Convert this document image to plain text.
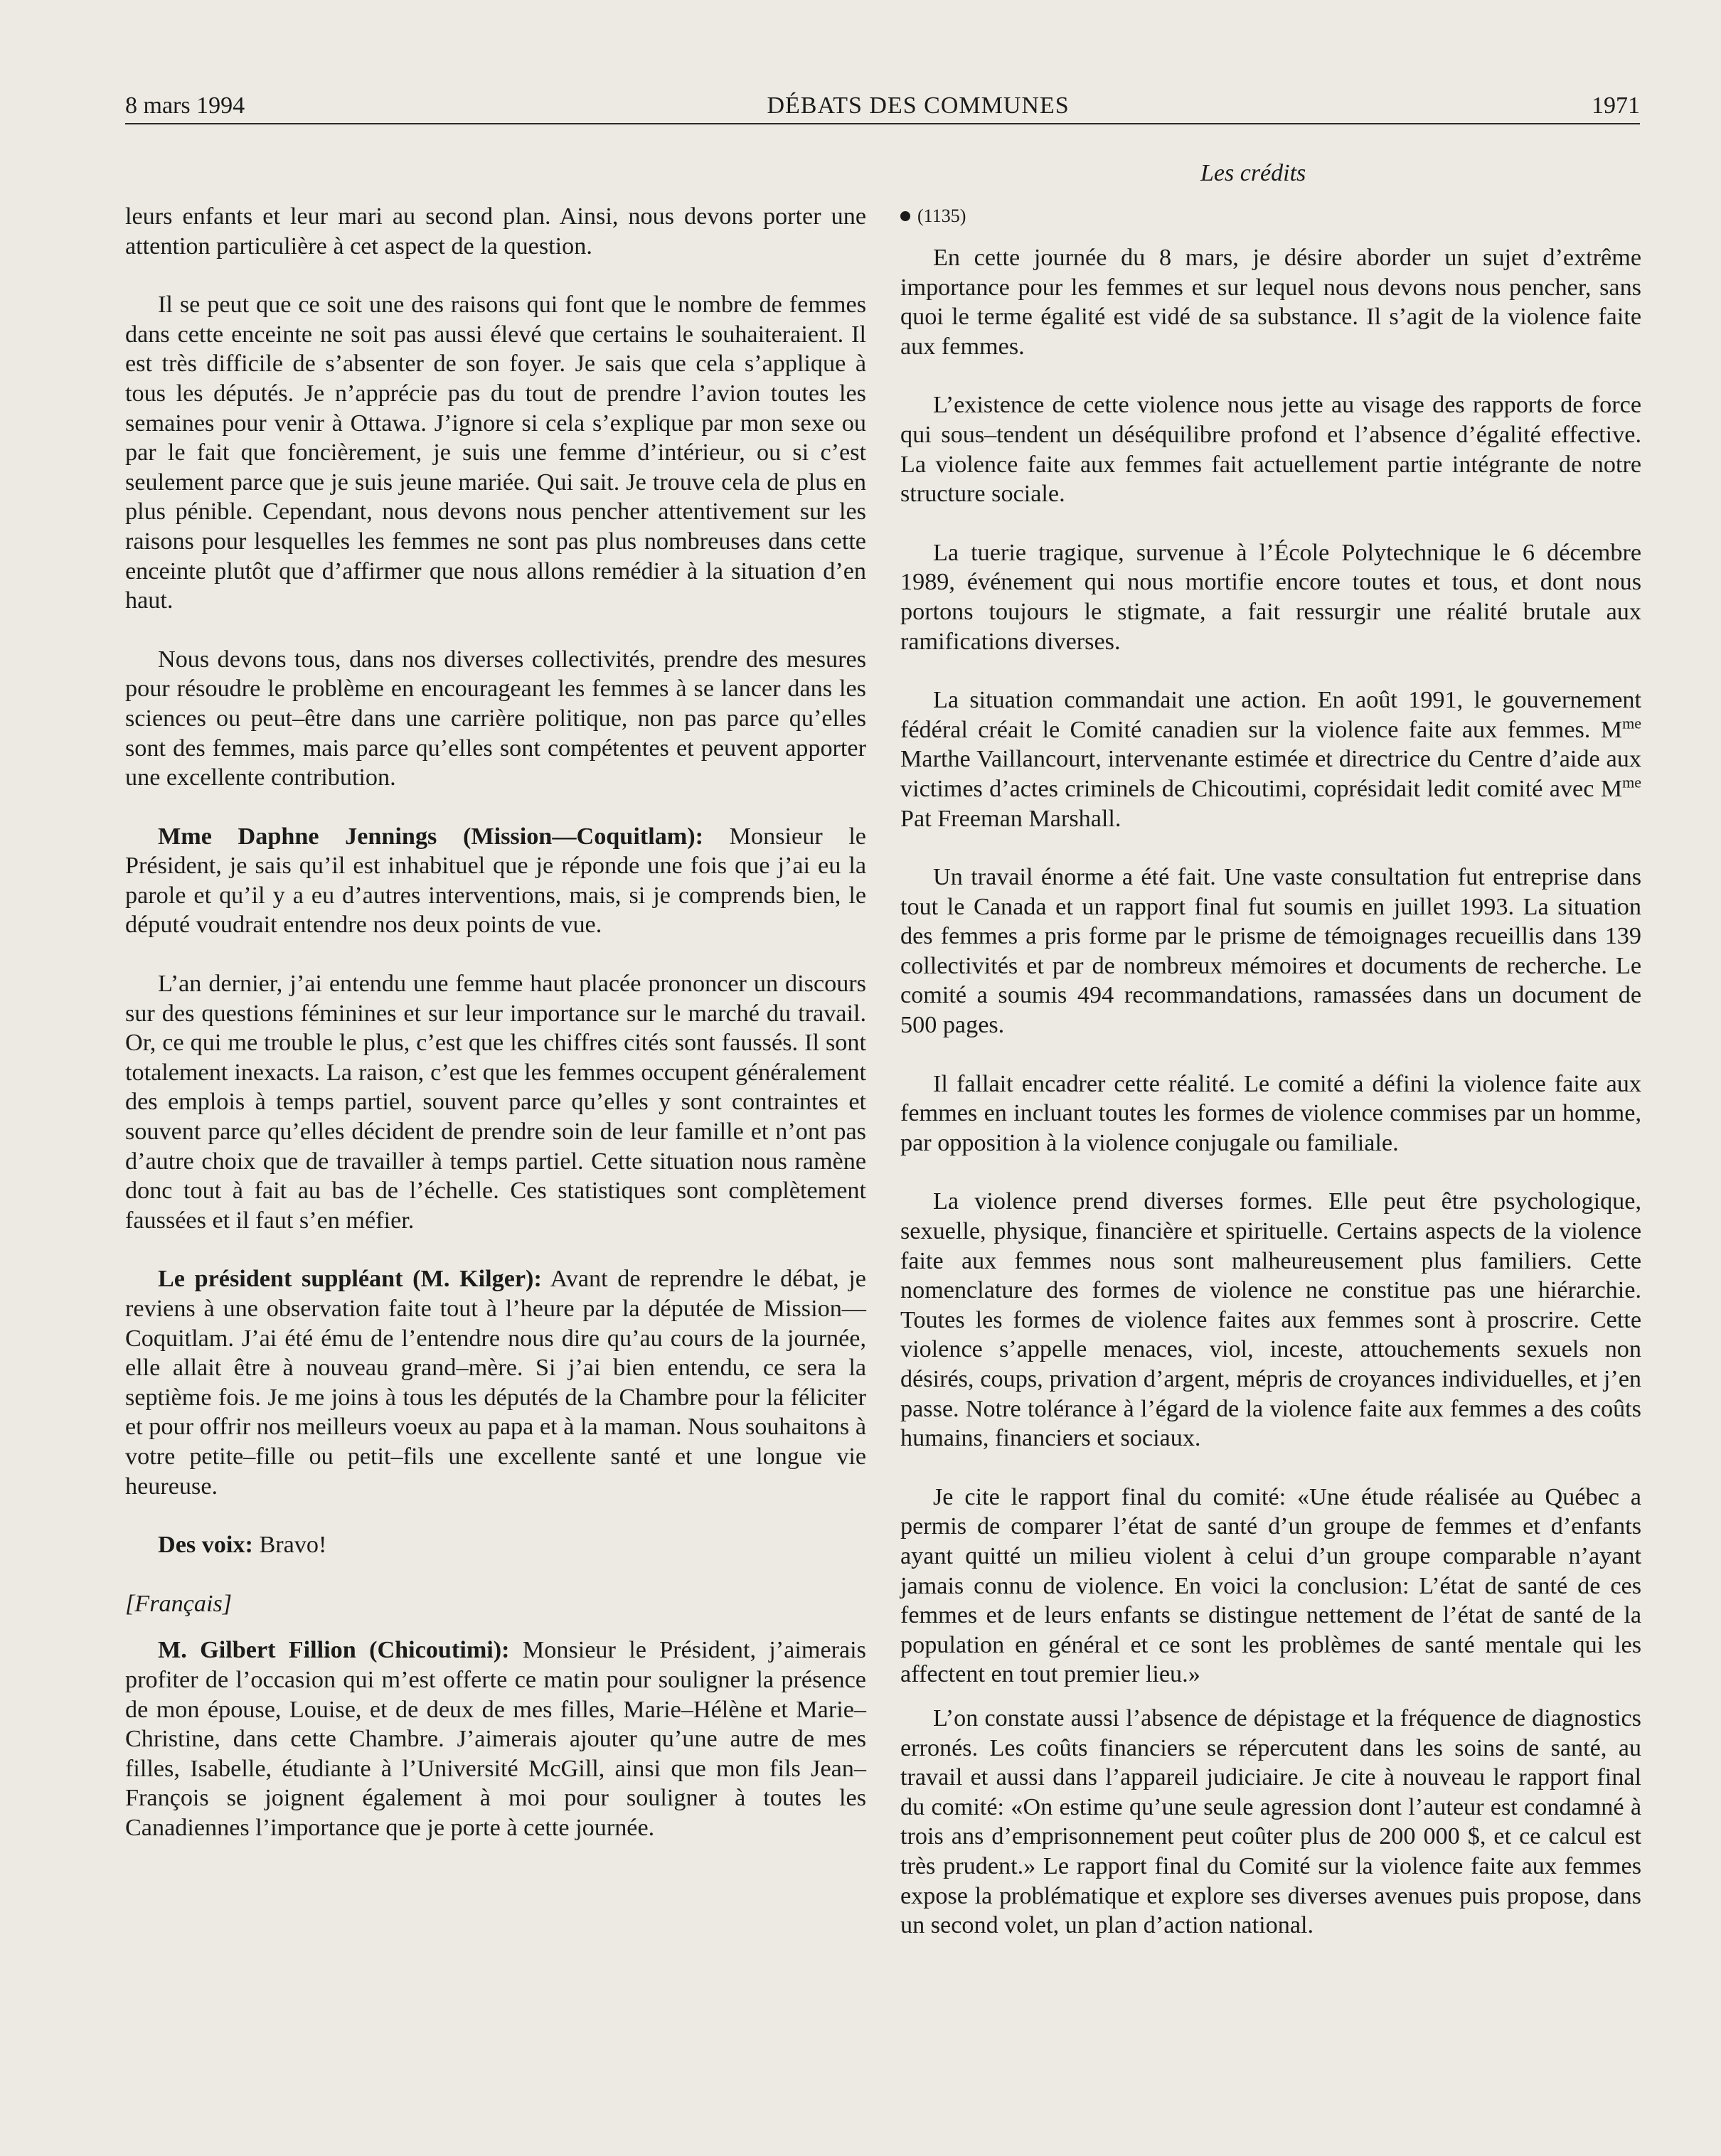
8 mars 1994	DÉBATS DES COMMUNES	1971
Les crédits

leurs enfants et leur mari au second plan. Ainsi, nous devons porter une attention particulière à cet aspect de la question.

Il se peut que ce soit une des raisons qui font que le nombre de femmes dans cette enceinte ne soit pas aussi élevé que certains le souhaiteraient. Il est très difficile de s’absenter de son foyer. Je sais que cela s’applique à tous les députés. Je n’apprécie pas du tout de prendre l’avion toutes les semaines pour venir à Ottawa. J’ignore si cela s’explique par mon sexe ou par le fait que foncièrement, je suis une femme d’intérieur, ou si c’est seulement parce que je suis jeune mariée. Qui sait. Je trouve cela de plus en plus pénible. Cependant, nous devons nous pencher attentivement sur les raisons pour lesquelles les femmes ne sont pas plus nombreuses dans cette enceinte plutôt que d’affirmer que nous allons remédier à la situation d’en haut.

Nous devons tous, dans nos diverses collectivités, prendre des mesures pour résoudre le problème en encourageant les femmes à se lancer dans les sciences ou peut–être dans une carrière politique, non pas parce qu’elles sont des femmes, mais parce qu’elles sont compétentes et peuvent apporter une excellente contribution.

Mme Daphne Jennings (Mission—Coquitlam): Monsieur le Président, je sais qu’il est inhabituel que je réponde une fois que j’ai eu la parole et qu’il y a eu d’autres interventions, mais, si je comprends bien, le député voudrait entendre nos deux points de vue.

L’an dernier, j’ai entendu une femme haut placée prononcer un discours sur des questions féminines et sur leur importance sur le marché du travail. Or, ce qui me trouble le plus, c’est que les chiffres cités sont faussés. Il sont totalement inexacts. La raison, c’est que les femmes occupent généralement des emplois à temps partiel, souvent parce qu’elles y sont contraintes et souvent parce qu’elles décident de prendre soin de leur famille et n’ont pas d’autre choix que de travailler à temps partiel. Cette situation nous ramène donc tout à fait au bas de l’échelle. Ces statistiques sont complètement faussées et il faut s’en méfier.

Le président suppléant (M. Kilger): Avant de reprendre le débat, je reviens à une observation faite tout à l’heure par la députée de Mission—Coquitlam. J’ai été ému de l’entendre nous dire qu’au cours de la journée, elle allait être à nouveau grand–mère. Si j’ai bien entendu, ce sera la septième fois. Je me joins à tous les députés de la Chambre pour la féliciter et pour offrir nos meilleurs voeux au papa et à la maman. Nous souhaitons à votre petite–fille ou petit–fils une excellente santé et une longue vie heureuse.

Des voix: Bravo!

[Français]

M. Gilbert Fillion (Chicoutimi): Monsieur le Président, j’aimerais profiter de l’occasion qui m’est offerte ce matin pour souligner la présence de mon épouse, Louise, et de deux de mes filles, Marie–Hélène et Marie–Christine, dans cette Chambre. J’aimerais ajouter qu’une autre de mes filles, Isabelle, étudiante à l’Université McGill, ainsi que mon fils Jean–François se joignent également à moi pour souligner à toutes les Canadiennes l’importance que je porte à cette journée.

(1135)

En cette journée du 8 mars, je désire aborder un sujet d’extrême importance pour les femmes et sur lequel nous devons nous pencher, sans quoi le terme égalité est vidé de sa substance. Il s’agit de la violence faite aux femmes.

L’existence de cette violence nous jette au visage des rapports de force qui sous–tendent un déséquilibre profond et l’absence d’égalité effective. La violence faite aux femmes fait actuellement partie intégrante de notre structure sociale.

La tuerie tragique, survenue à l’École Polytechnique le 6 décembre 1989, événement qui nous mortifie encore toutes et tous, et dont nous portons toujours le stigmate, a fait ressurgir une réalité brutale aux ramifications diverses.

La situation commandait une action. En août 1991, le gouvernement fédéral créait le Comité canadien sur la violence faite aux femmes. $M^{me}$ Marthe Vaillancourt, intervenante estimée et directrice du Centre d’aide aux victimes d’actes criminels de Chicoutimi, coprésidait ledit comité avec $M^{me}$ Pat Freeman Marshall.

Un travail énorme a été fait. Une vaste consultation fut entreprise dans tout le Canada et un rapport final fut soumis en juillet 1993. La situation des femmes a pris forme par le prisme de témoignages recueillis dans 139 collectivités et par de nombreux mémoires et documents de recherche. Le comité a soumis 494 recommandations, ramassées dans un document de 500 pages.

Il fallait encadrer cette réalité. Le comité a défini la violence faite aux femmes en incluant toutes les formes de violence commises par un homme, par opposition à la violence conjugale ou familiale.

La violence prend diverses formes. Elle peut être psychologique, sexuelle, physique, financière et spirituelle. Certains aspects de la violence faite aux femmes nous sont malheureusement plus familiers. Cette nomenclature des formes de violence ne constitue pas une hiérarchie. Toutes les formes de violence faites aux femmes sont à proscrire. Cette violence s’appelle menaces, viol, inceste, attouchements sexuels non désirés, coups, privation d’argent, mépris de croyances individuelles, et j’en passe. Notre tolérance à l’égard de la violence faite aux femmes a des coûts humains, financiers et sociaux.

Je cite le rapport final du comité: «Une étude réalisée au Québec a permis de comparer l’état de santé d’un groupe de femmes et d’enfants ayant quitté un milieu violent à celui d’un groupe comparable n’ayant jamais connu de violence. En voici la conclusion: L’état de santé de ces femmes et de leurs enfants se distingue nettement de l’état de santé de la population en général et ce sont les problèmes de santé mentale qui les affectent en tout premier lieu.»

L’on constate aussi l’absence de dépistage et la fréquence de diagnostics erronés. Les coûts financiers se répercutent dans les soins de santé, au travail et aussi dans l’appareil judiciaire. Je cite à nouveau le rapport final du comité: «On estime qu’une seule agression dont l’auteur est condamné à trois ans d’emprisonnement peut coûter plus de 200 000 $, et ce calcul est très prudent.» Le rapport final du Comité sur la violence faite aux femmes expose la problématique et explore ses diverses avenues puis propose, dans un second volet, un plan d’action national.
